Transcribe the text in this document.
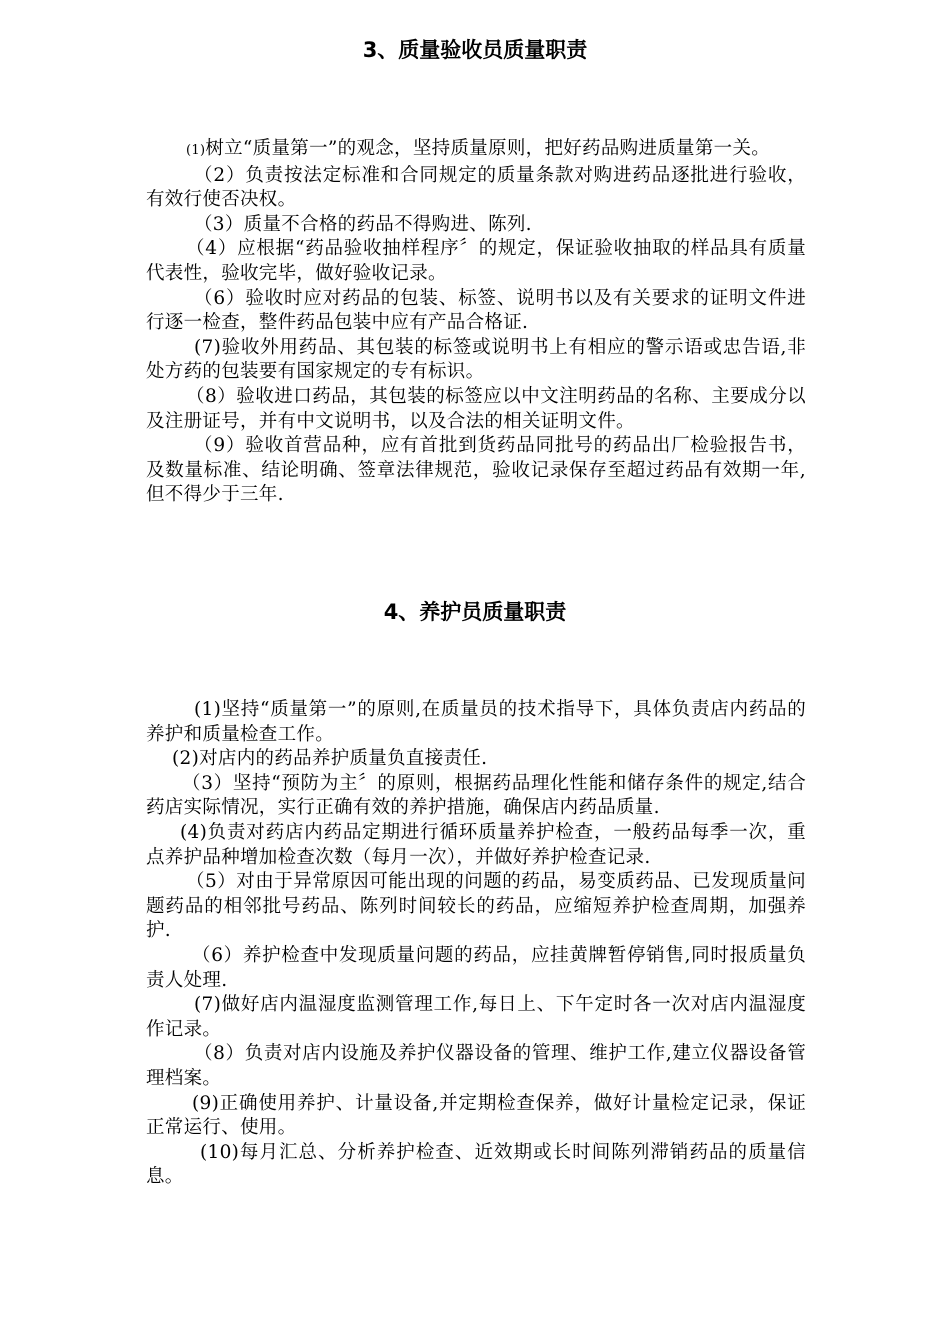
3、质量验收员质量职责

(1)树立“质量第一”的观念，坚持质量原则，把好药品购进质量第一关。

（2）负责按法定标准和合同规定的质量条款对购进药品逐批进行验收，有效行使否决权。

（3）质量不合格的药品不得购进、陈列.

（4）应根据“药品验收抽样程序〞的规定，保证验收抽取的样品具有质量代表性，验收完毕，做好验收记录。

（6）验收时应对药品的包装、标签、说明书以及有关要求的证明文件进行逐一检查，整件药品包装中应有产品合格证.

(7)验收外用药品、其包装的标签或说明书上有相应的警示语或忠告语,非处方药的包装要有国家规定的专有标识。

（8）验收进口药品，其包装的标签应以中文注明药品的名称、主要成分以及注册证号，并有中文说明书，以及合法的相关证明文件。

（9）验收首营品种，应有首批到货药品同批号的药品出厂检验报告书，及数量标准、结论明确、签章法律规范，验收记录保存至超过药品有效期一年,但不得少于三年.

4、养护员质量职责

(1)坚持“质量第一”的原则,在质量员的技术指导下，具体负责店内药品的养护和质量检查工作。

(2)对店内的药品养护质量负直接责任.

（3）坚持“预防为主〞的原则，根据药品理化性能和储存条件的规定,结合药店实际情况，实行正确有效的养护措施，确保店内药品质量.

(4)负责对药店内药品定期进行循环质量养护检查，一般药品每季一次，重点养护品种增加检查次数（每月一次），并做好养护检查记录.

（5）对由于异常原因可能出现的问题的药品，易变质药品、已发现质量问题药品的相邻批号药品、陈列时间较长的药品，应缩短养护检查周期，加强养护.

（6）养护检查中发现质量问题的药品，应挂黄牌暂停销售,同时报质量负责人处理.

(7)做好店内温湿度监测管理工作,每日上、下午定时各一次对店内温湿度作记录。

（8）负责对店内设施及养护仪器设备的管理、维护工作,建立仪器设备管理档案。

(9)正确使用养护、计量设备,并定期检查保养，做好计量检定记录，保证正常运行、使用。

(10)每月汇总、分析养护检查、近效期或长时间陈列滞销药品的质量信息。
